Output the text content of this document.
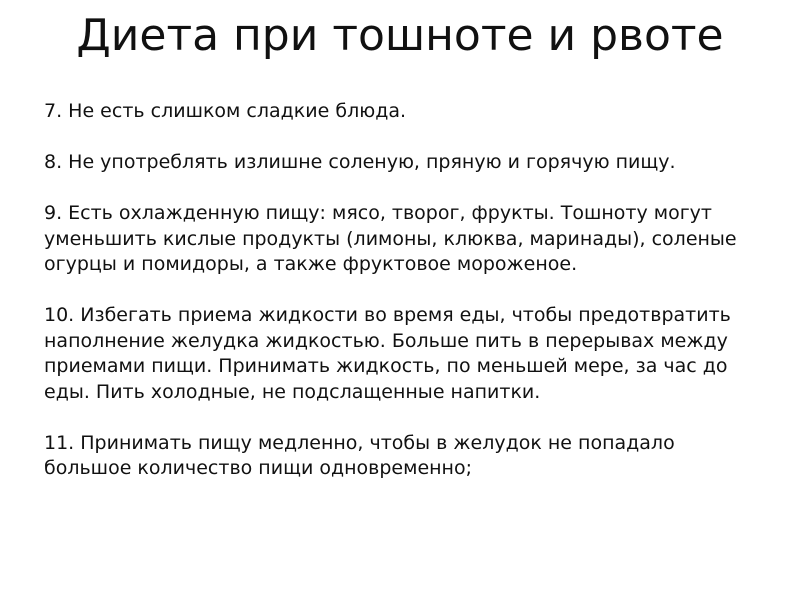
Диета при тошноте и рвоте

7. Не есть слишком сладкие блюда.

8. Не употреблять излишне соленую, пряную и горячую пищу.

9. Есть охлажденную пищу: мясо, творог, фрукты. Тошноту могут уменьшить кислые продукты (лимоны, клюква, маринады), соленые огурцы и помидоры, а также фруктовое мороженое.

10. Избегать приема жидкости во время еды, чтобы предотвратить наполнение желудка жидкостью. Больше пить в перерывах между приемами пищи. Принимать жидкость, по меньшей мере, за час до еды. Пить холодные, не подслащенные напитки.

11. Принимать пищу медленно, чтобы в желудок не попадало большое количество пищи одновременно;
